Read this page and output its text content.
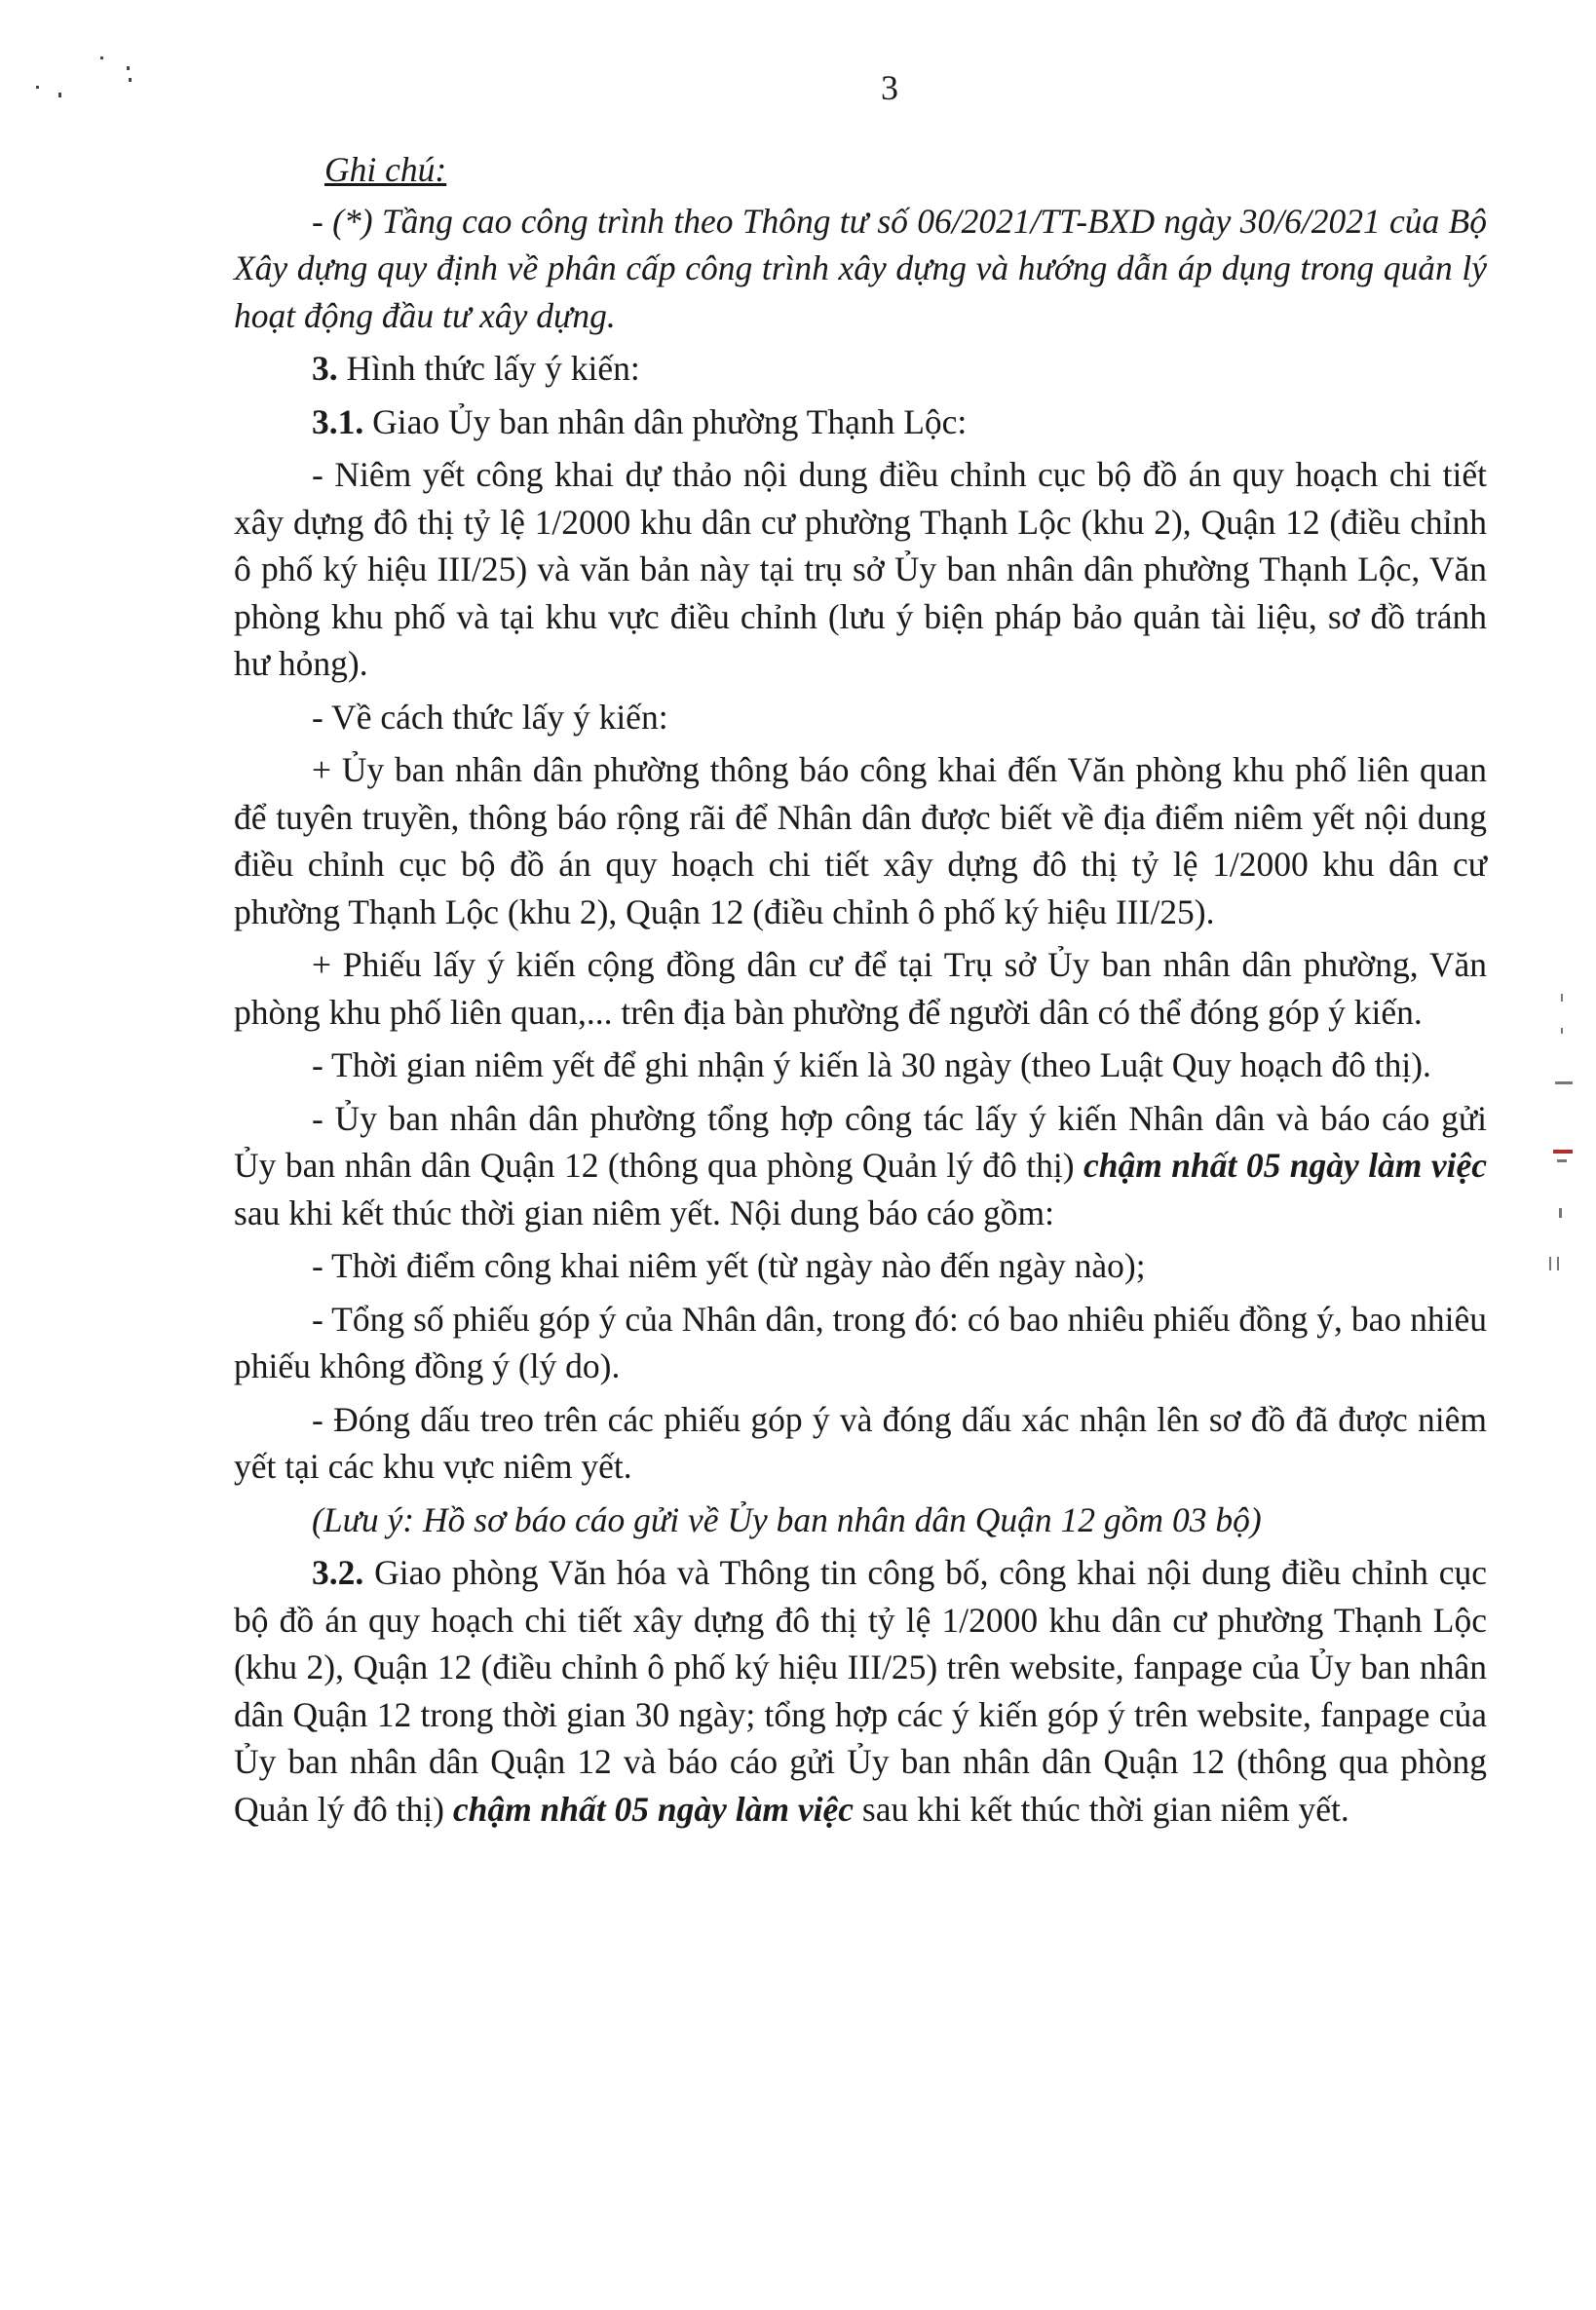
3

Ghi chú:

- (*) Tầng cao công trình theo Thông tư số 06/2021/TT-BXD ngày 30/6/2021 của Bộ Xây dựng quy định về phân cấp công trình xây dựng và hướng dẫn áp dụng trong quản lý hoạt động đầu tư xây dựng.

3. Hình thức lấy ý kiến:

3.1. Giao Ủy ban nhân dân phường Thạnh Lộc:

- Niêm yết công khai dự thảo nội dung điều chỉnh cục bộ đồ án quy hoạch chi tiết xây dựng đô thị tỷ lệ 1/2000 khu dân cư phường Thạnh Lộc (khu 2), Quận 12 (điều chỉnh ô phố ký hiệu III/25) và văn bản này tại trụ sở Ủy ban nhân dân phường Thạnh Lộc, Văn phòng khu phố và tại khu vực điều chỉnh (lưu ý biện pháp bảo quản tài liệu, sơ đồ tránh hư hỏng).

- Về cách thức lấy ý kiến:

+ Ủy ban nhân dân phường thông báo công khai đến Văn phòng khu phố liên quan để tuyên truyền, thông báo rộng rãi để Nhân dân được biết về địa điểm niêm yết nội dung điều chỉnh cục bộ đồ án quy hoạch chi tiết xây dựng đô thị tỷ lệ 1/2000 khu dân cư phường Thạnh Lộc (khu 2), Quận 12 (điều chỉnh ô phố ký hiệu III/25).

+ Phiếu lấy ý kiến cộng đồng dân cư để tại Trụ sở Ủy ban nhân dân phường, Văn phòng khu phố liên quan,... trên địa bàn phường để người dân có thể đóng góp ý kiến.

- Thời gian niêm yết để ghi nhận ý kiến là 30 ngày (theo Luật Quy hoạch đô thị).

- Ủy ban nhân dân phường tổng hợp công tác lấy ý kiến Nhân dân và báo cáo gửi Ủy ban nhân dân Quận 12 (thông qua phòng Quản lý đô thị) chậm nhất 05 ngày làm việc sau khi kết thúc thời gian niêm yết. Nội dung báo cáo gồm:

- Thời điểm công khai niêm yết (từ ngày nào đến ngày nào);

- Tổng số phiếu góp ý của Nhân dân, trong đó: có bao nhiêu phiếu đồng ý, bao nhiêu phiếu không đồng ý (lý do).

- Đóng dấu treo trên các phiếu góp ý và đóng dấu xác nhận lên sơ đồ đã được niêm yết tại các khu vực niêm yết.

(Lưu ý: Hồ sơ báo cáo gửi về Ủy ban nhân dân Quận 12 gồm 03 bộ)

3.2. Giao phòng Văn hóa và Thông tin công bố, công khai nội dung điều chỉnh cục bộ đồ án quy hoạch chi tiết xây dựng đô thị tỷ lệ 1/2000 khu dân cư phường Thạnh Lộc (khu 2), Quận 12 (điều chỉnh ô phố ký hiệu III/25) trên website, fanpage của Ủy ban nhân dân Quận 12 trong thời gian 30 ngày; tổng hợp các ý kiến góp ý trên website, fanpage của Ủy ban nhân dân Quận 12 và báo cáo gửi Ủy ban nhân dân Quận 12 (thông qua phòng Quản lý đô thị) chậm nhất 05 ngày làm việc sau khi kết thúc thời gian niêm yết.
